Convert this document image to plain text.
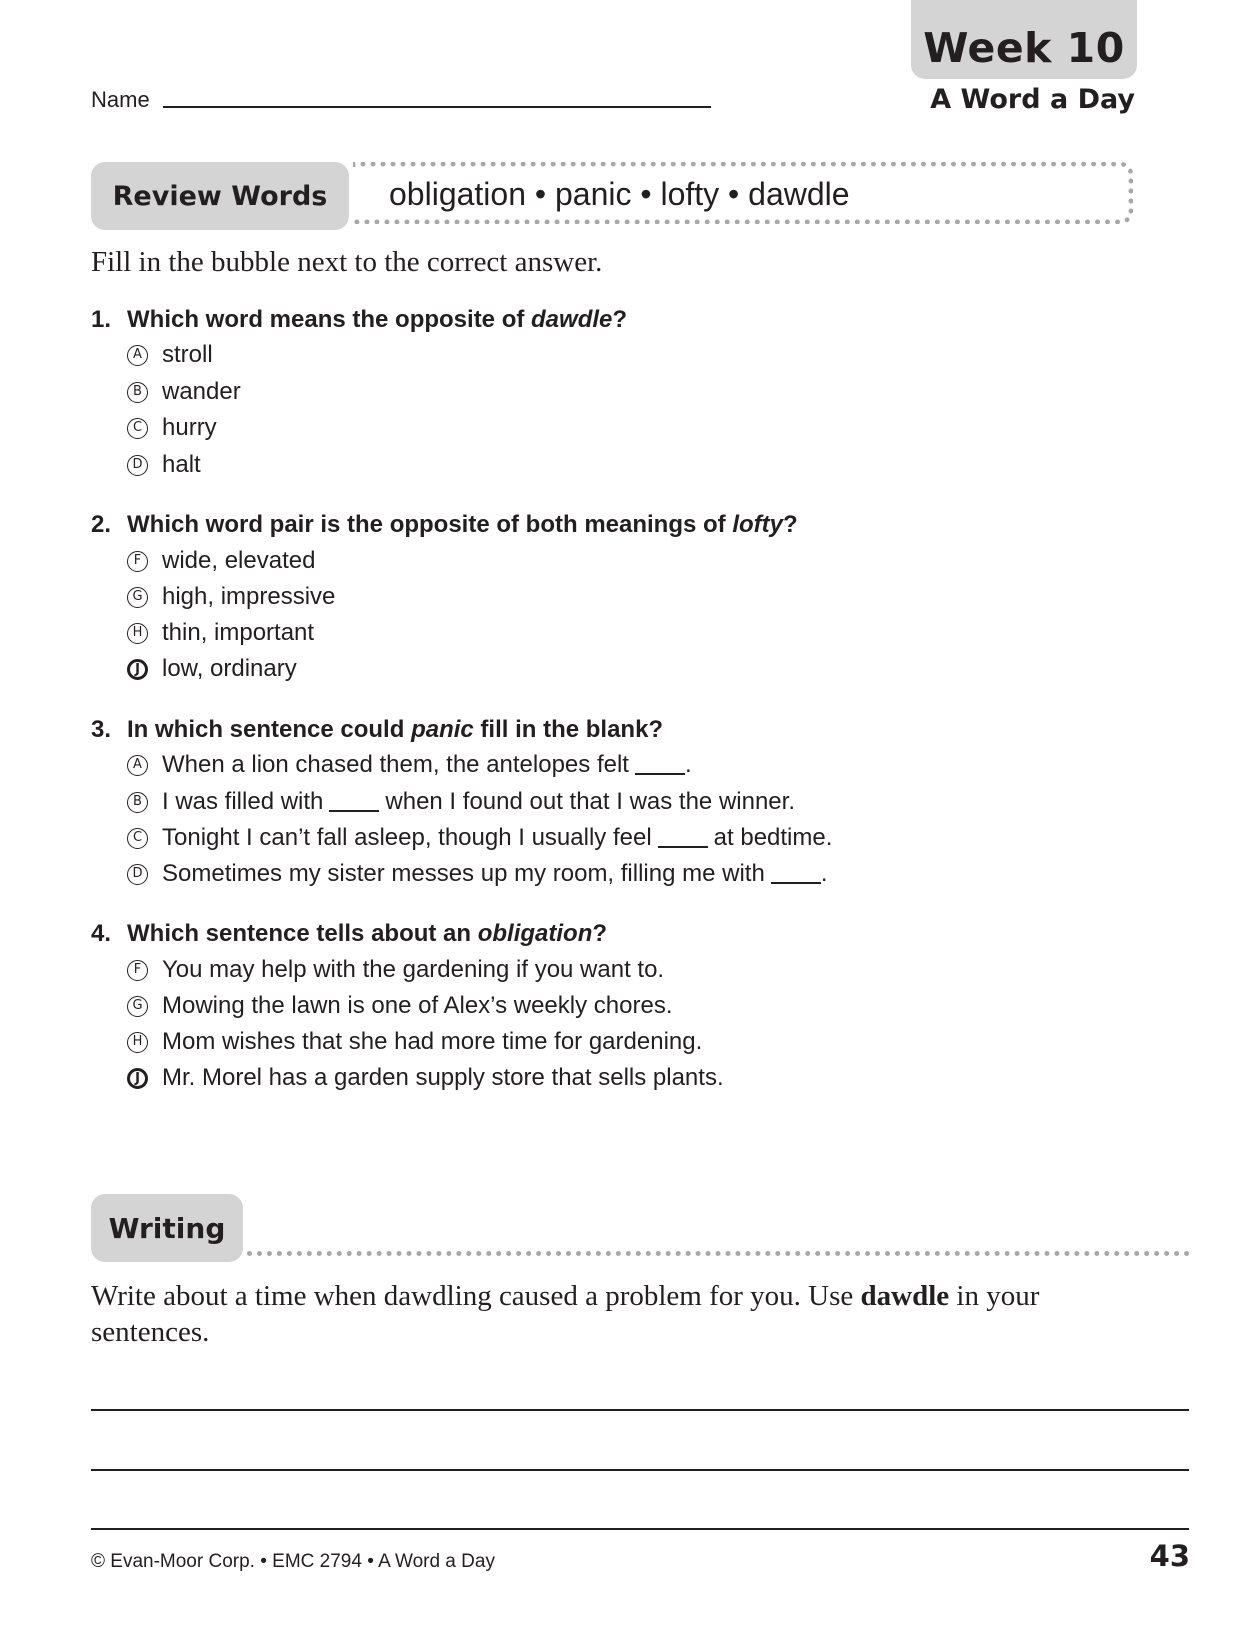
Week 10
A Word a Day
Name
Review Words obligation • panic • lofty • dawdle
Fill in the bubble next to the correct answer.
1. Which word means the opposite of dawdle?
A stroll
B wander
C hurry
D halt
2. Which word pair is the opposite of both meanings of lofty?
F wide, elevated
G high, impressive
H thin, important
J low, ordinary
3. In which sentence could panic fill in the blank?
A When a lion chased them, the antelopes felt .
B I was filled with	when I found out that I was the winner.
C Tonight I can’t fall asleep, though I usually feel	at bedtime.
D Sometimes my sister messes up my room, filling me with .
4. Which sentence tells about an obligation?
F You may help with the gardening if you want to.
G Mowing the lawn is one of Alex’s weekly chores.
H Mom wishes that she had more time for gardening.
J Mr. Morel has a garden supply store that sells plants.
Writing
Write about a time when dawdling caused a problem for you. Use dawdle in your sentences.
© Evan-Moor Corp. • EMC 2794 • A Word a Day	43
